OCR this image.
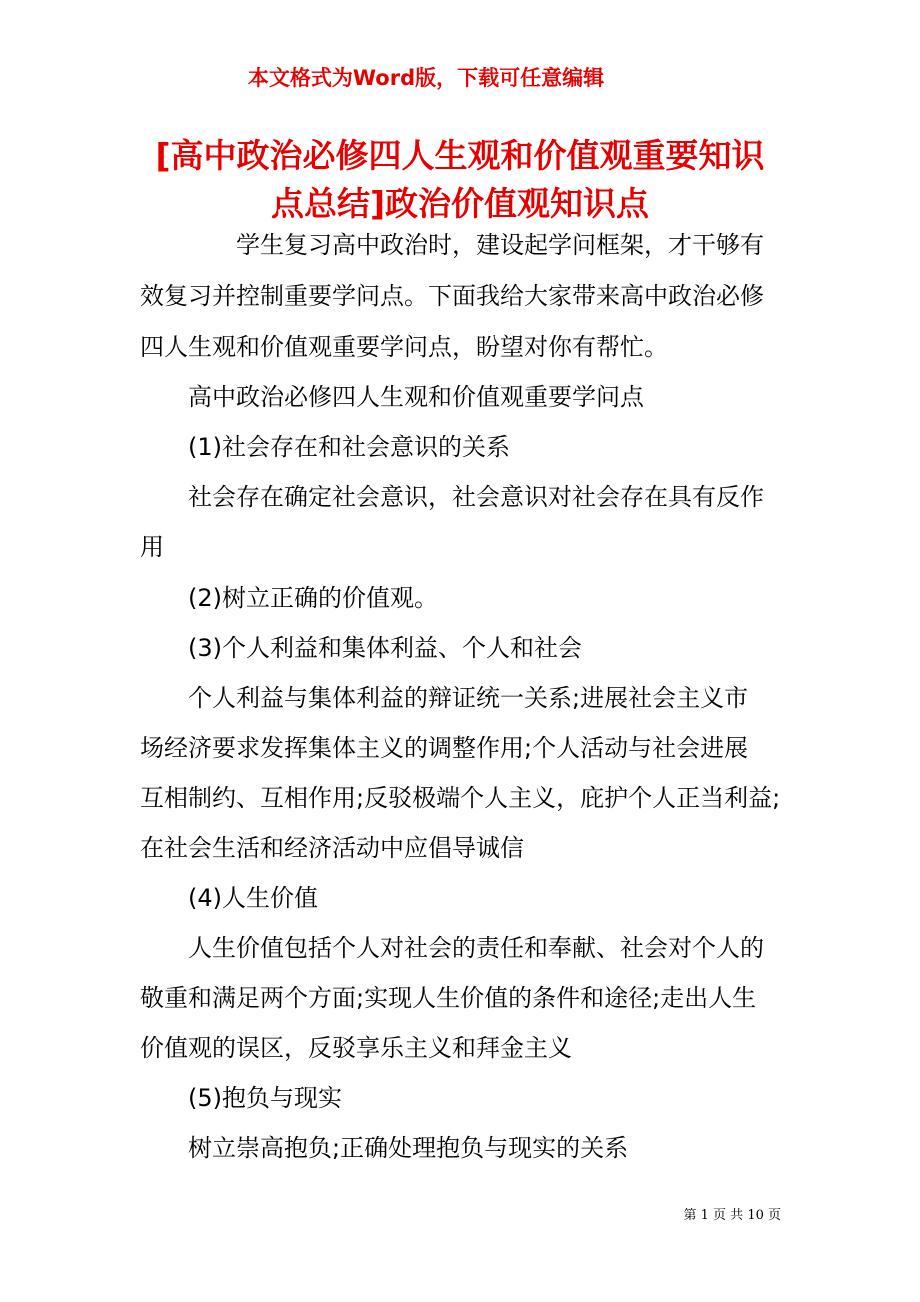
本文格式为Word版，下载可任意编辑
[高中政治必修四人生观和价值观重要知识点总结]政治价值观知识点
学生复习高中政治时，建设起学问框架，才干够有
效复习并控制重要学问点。下面我给大家带来高中政治必修
四人生观和价值观重要学问点，盼望对你有帮忙。
高中政治必修四人生观和价值观重要学问点
(1)社会存在和社会意识的关系
社会存在确定社会意识，社会意识对社会存在具有反作
用
(2)树立正确的价值观。
(3)个人利益和集体利益、个人和社会
个人利益与集体利益的辩证统一关系;进展社会主义市
场经济要求发挥集体主义的调整作用;个人活动与社会进展
互相制约、互相作用;反驳极端个人主义，庇护个人正当利益;
在社会生活和经济活动中应倡导诚信
(4)人生价值
人生价值包括个人对社会的责任和奉献、社会对个人的
敬重和满足两个方面;实现人生价值的条件和途径;走出人生
价值观的误区，反驳享乐主义和拜金主义
(5)抱负与现实
树立崇高抱负;正确处理抱负与现实的关系
第 1 页 共 10 页
